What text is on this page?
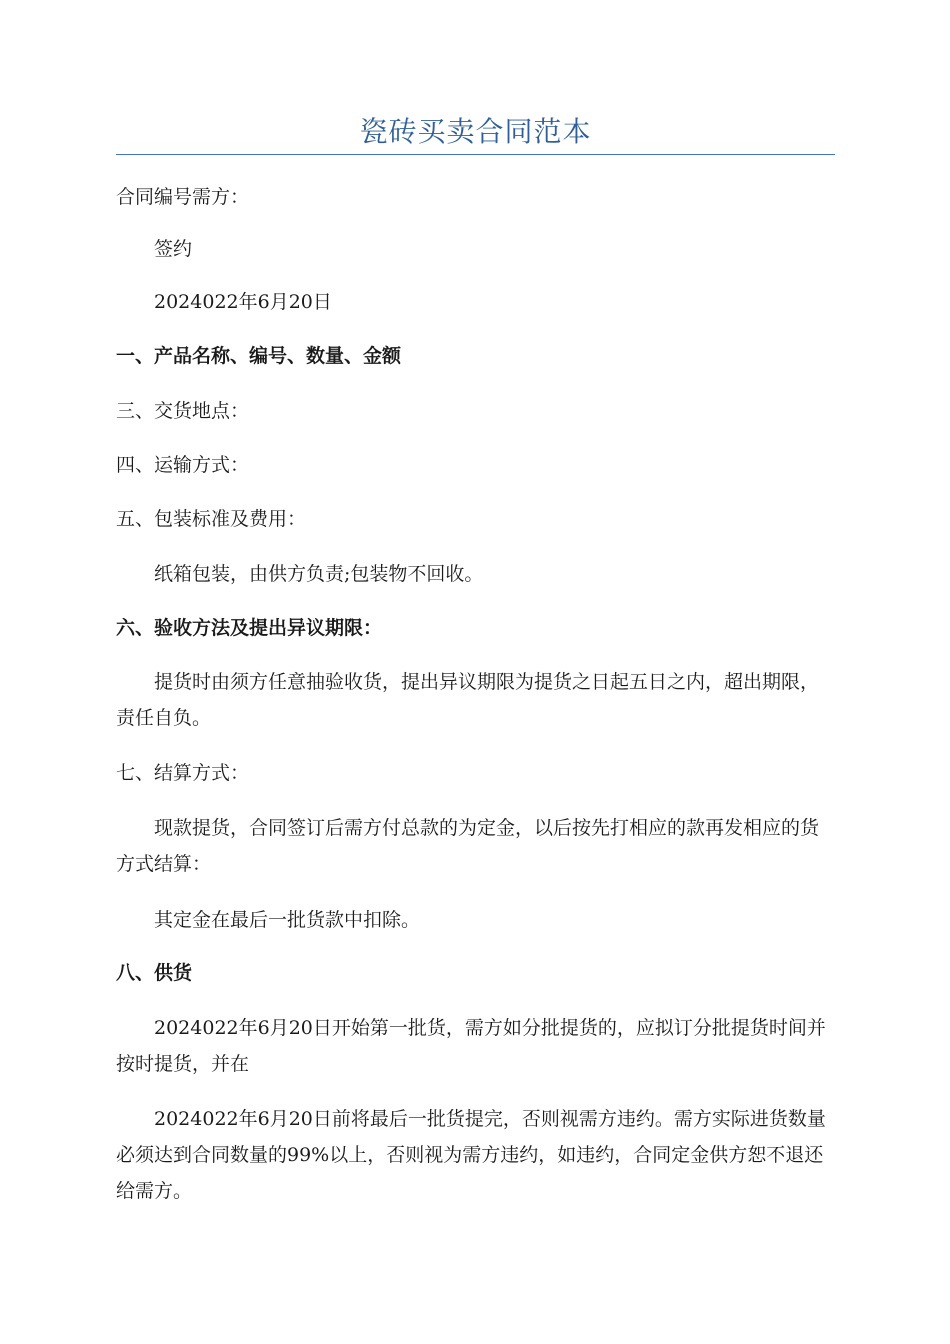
瓷砖买卖合同范本

合同编号需方：

签约

2024022年6月20日

一、产品名称、编号、数量、金额

三、交货地点：

四、运输方式：

五、包装标准及费用：

纸箱包装，由供方负责;包装物不回收。

六、验收方法及提出异议期限：

提货时由须方任意抽验收货，提出异议期限为提货之日起五日之内，超出期限，责任自负。

七、结算方式：

现款提货，合同签订后需方付总款的为定金，以后按先打相应的款再发相应的货方式结算：

其定金在最后一批货款中扣除。

八、供货

2024022年6月20日开始第一批货，需方如分批提货的，应拟订分批提货时间并按时提货，并在

2024022年6月20日前将最后一批货提完，否则视需方违约。需方实际进货数量必须达到合同数量的99%以上，否则视为需方违约，如违约，合同定金供方恕不退还给需方。
